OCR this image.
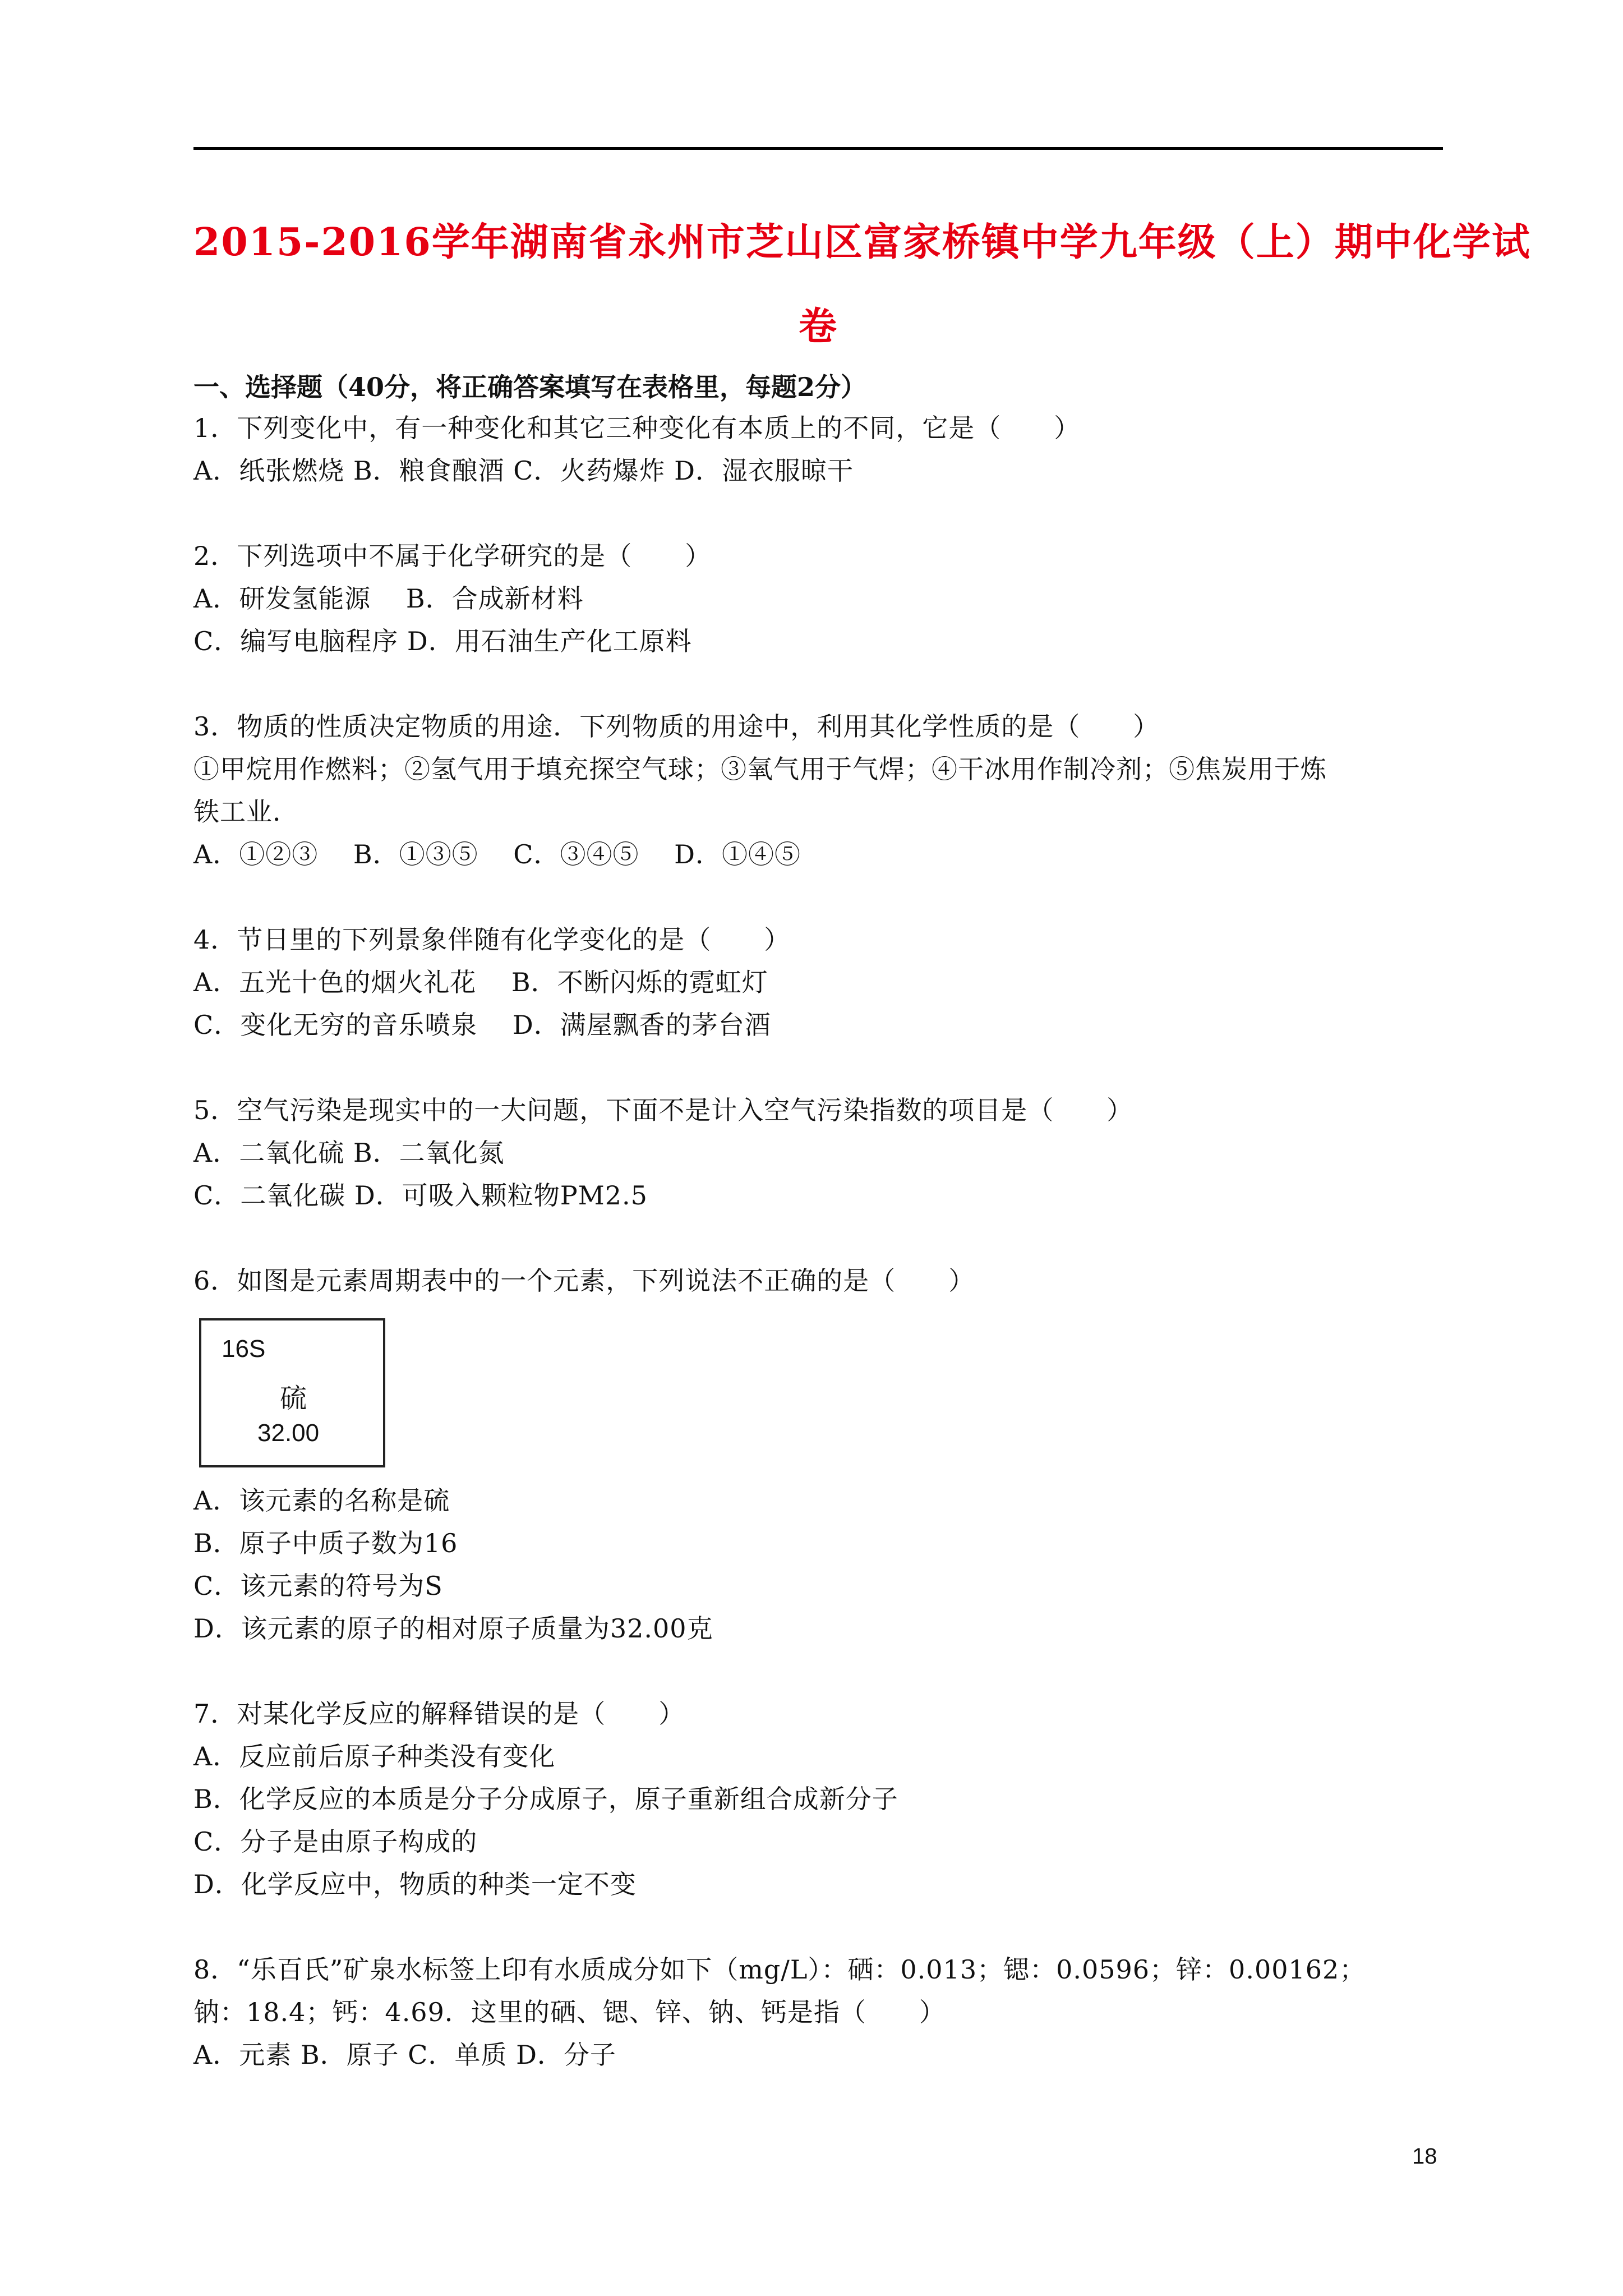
2015-2016学年湖南省永州市芝山区富家桥镇中学九年级（上）期中化学试
卷
一、选择题（40分，将正确答案填写在表格里，每题2分）
1．下列变化中，有一种变化和其它三种变化有本质上的不同，它是（　　）
A．纸张燃烧 B．粮食酿酒 C．火药爆炸 D．湿衣服晾干
2．下列选项中不属于化学研究的是（　　）
A．研发氢能源　 B．合成新材料
C．编写电脑程序 D．用石油生产化工原料
3．物质的性质决定物质的用途．下列物质的用途中，利用其化学性质的是（　　）
①甲烷用作燃料；②氢气用于填充探空气球；③氧气用于气焊；④干冰用作制冷剂；⑤焦炭用于炼
铁工业．
A．①②③　 B．①③⑤　 C．③④⑤　 D．①④⑤
4．节日里的下列景象伴随有化学变化的是（　　）
A．五光十色的烟火礼花　 B．不断闪烁的霓虹灯
C．变化无穷的音乐喷泉　 D．满屋飘香的茅台酒
5．空气污染是现实中的一大问题，下面不是计入空气污染指数的项目是（　　）
A．二氧化硫 B．二氧化氮
C．二氧化碳 D．可吸入颗粒物PM2.5
6．如图是元素周期表中的一个元素，下列说法不正确的是（　　）
16S
硫
32.00
A．该元素的名称是硫
B．原子中质子数为16
C．该元素的符号为S
D．该元素的原子的相对原子质量为32.00克
7．对某化学反应的解释错误的是（　　）
A．反应前后原子种类没有变化
B．化学反应的本质是分子分成原子，原子重新组合成新分子
C．分子是由原子构成的
D．化学反应中，物质的种类一定不变
8．“乐百氏”矿泉水标签上印有水质成分如下（mg/L）：硒：0.013；锶：0.0596；锌：0.00162；
钠：18.4；钙：4.69．这里的硒、锶、锌、钠、钙是指（　　）
A．元素 B．原子 C．单质 D．分子
18
